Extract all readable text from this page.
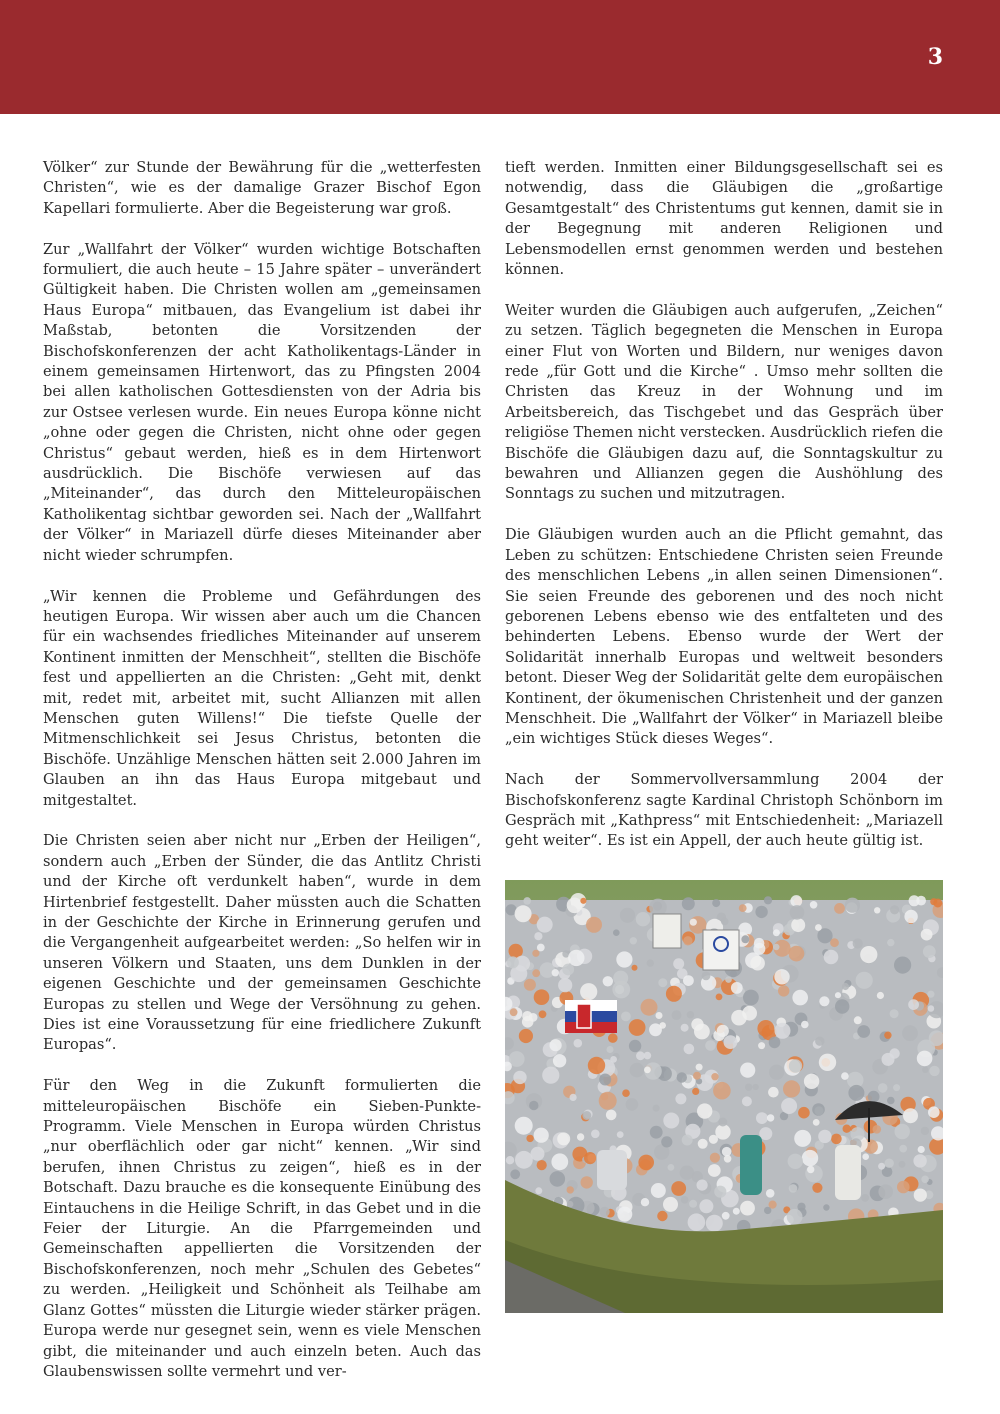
3

Völker“ zur Stunde der Bewährung für die „wetterfesten Christen“, wie es der damalige Grazer Bischof Egon Kapellari formulierte. Aber die Begeisterung war groß.

Zur „Wallfahrt der Völker“ wurden wichtige Botschaften formuliert, die auch heute – 15 Jahre später – unverändert Gültigkeit haben. Die Christen wollen am „gemeinsamen Haus Europa“ mitbauen, das Evangelium ist dabei ihr Maßstab, betonten die Vorsitzenden der Bischofskonferenzen der acht Katholikentags-Länder in einem gemeinsamen Hirtenwort, das zu Pfingsten 2004 bei allen katholischen Gottesdiensten von der Adria bis zur Ostsee verlesen wurde. Ein neues Europa könne nicht „ohne oder gegen die Christen, nicht ohne oder gegen Christus“ gebaut werden, hieß es in dem Hirtenwort ausdrücklich. Die Bischöfe verwiesen auf das „Miteinander“, das durch den Mitteleuropäischen Katholikentag sichtbar geworden sei. Nach der „Wallfahrt der Völker“ in Mariazell dürfe dieses Miteinander aber nicht wieder schrumpfen.

„Wir kennen die Probleme und Gefährdungen des heutigen Europa. Wir wissen aber auch um die Chancen für ein wachsendes friedliches Miteinander auf unserem Kontinent inmitten der Menschheit“, stellten die Bischöfe fest und appellierten an die Christen: „Geht mit, denkt mit, redet mit, arbeitet mit, sucht Allianzen mit allen Menschen guten Willens!“ Die tiefste Quelle der Mitmenschlichkeit sei Jesus Christus, betonten die Bischöfe. Unzählige Menschen hätten seit 2.000 Jahren im Glauben an ihn das Haus Europa mitgebaut und mitgestaltet.

Die Christen seien aber nicht nur „Erben der Heiligen“, sondern auch „Erben der Sünder, die das Antlitz Christi und der Kirche oft verdunkelt haben“, wurde in dem Hirtenbrief festgestellt. Daher müssten auch die Schatten in der Geschichte der Kirche in Erinnerung gerufen und die Vergangenheit aufgearbeitet werden: „So helfen wir in unseren Völkern und Staaten, uns dem Dunklen in der eigenen Geschichte und der gemeinsamen Geschichte Europas zu stellen und Wege der Versöhnung zu gehen. Dies ist eine Voraussetzung für eine friedlichere Zukunft Europas“.

Für den Weg in die Zukunft formulierten die mitteleuropäischen Bischöfe ein Sieben-Punkte-Programm. Viele Menschen in Europa würden Christus „nur oberflächlich oder gar nicht“ kennen. „Wir sind berufen, ihnen Christus zu zeigen“, hieß es in der Botschaft. Dazu brauche es die konsequente Einübung des Eintauchens in die Heilige Schrift, in das Gebet und in die Feier der Liturgie. An die Pfarrgemeinden und Gemeinschaften appellierten die Vorsitzenden der Bischofskonferenzen, noch mehr „Schulen des Gebetes“ zu werden. „Heiligkeit und Schönheit als Teilhabe am Glanz Gottes“ müssten die Liturgie wieder stärker prägen. Europa werde nur gesegnet sein, wenn es viele Menschen gibt, die miteinander und auch einzeln beten. Auch das Glaubenswissen sollte vermehrt und ver-

tieft werden. Inmitten einer Bildungsgesellschaft sei es notwendig, dass die Gläubigen die „großartige Gesamtgestalt“ des Christentums gut kennen, damit sie in der Begegnung mit anderen Religionen und Lebensmodellen ernst genommen werden und bestehen können.

Weiter wurden die Gläubigen auch aufgerufen, „Zeichen“ zu setzen. Täglich begegneten die Menschen in Europa einer Flut von Worten und Bildern, nur weniges davon rede „für Gott und die Kirche“ . Umso mehr sollten die Christen das Kreuz in der Wohnung und im Arbeitsbereich, das Tischgebet und das Gespräch über religiöse Themen nicht verstecken. Ausdrücklich riefen die Bischöfe die Gläubigen dazu auf, die Sonntagskultur zu bewahren und Allianzen gegen die Aushöhlung des Sonntags zu suchen und mitzutragen.

Die Gläubigen wurden auch an die Pflicht gemahnt, das Leben zu schützen: Entschiedene Christen seien Freunde des menschlichen Lebens „in allen seinen Dimensionen“. Sie seien Freunde des geborenen und des noch nicht geborenen Lebens ebenso wie des entfalteten und des behinderten Lebens. Ebenso wurde der Wert der Solidarität innerhalb Europas und weltweit besonders betont. Dieser Weg der Solidarität gelte dem europäischen Kontinent, der ökumenischen Christenheit und der ganzen Menschheit. Die „Wallfahrt der Völker“ in Mariazell bleibe „ein wichtiges Stück dieses Weges“.

Nach der Sommervollversammlung 2004 der Bischofskonferenz sagte Kardinal Christoph Schönborn im Gespräch mit „Kathpress“ mit Entschiedenheit: „Mariazell geht weiter“. Es ist ein Appell, der auch heute gültig ist.
